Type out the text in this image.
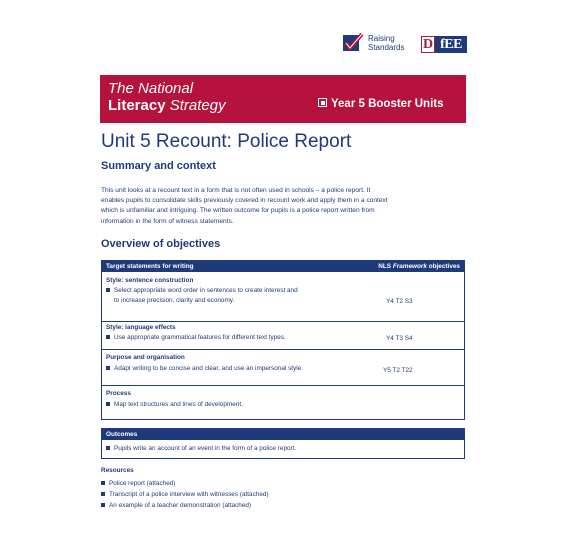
Raising
Standards D fEE
The National
Literacy Strategy	Year 5 Booster Units
Unit 5 Recount: Police Report
Summary and context
This unit looks at a recount text in a form that is not often used in schools – a police report. It
enables pupils to consolidate skills previously covered in recount work and apply them in a context
which is unfamiliar and intriguing. The written outcome for pupils is a police report written from
information in the form of witness statements.
Overview of objectives
Target statements for writing	NLS Framework objectives
Style: sentence construction
Select appropriate word order in sentences to create interest and
to increase precision, clarity and economy.	Y4 T2 S3
Style: language effects
Use appropriate grammatical features for different text types.	Y4 T3 S4
Purpose and organisation
Adapt writing to be concise and clear, and use an impersonal style.	Y5 T2 T22
Process
Map text structures and lines of development.
Outcomes
Pupils write an account of an event in the form of a police report.
Resources
Police report (attached)
Transcript of a police interview with witnesses (attached)
An example of a teacher demonstration (attached)
